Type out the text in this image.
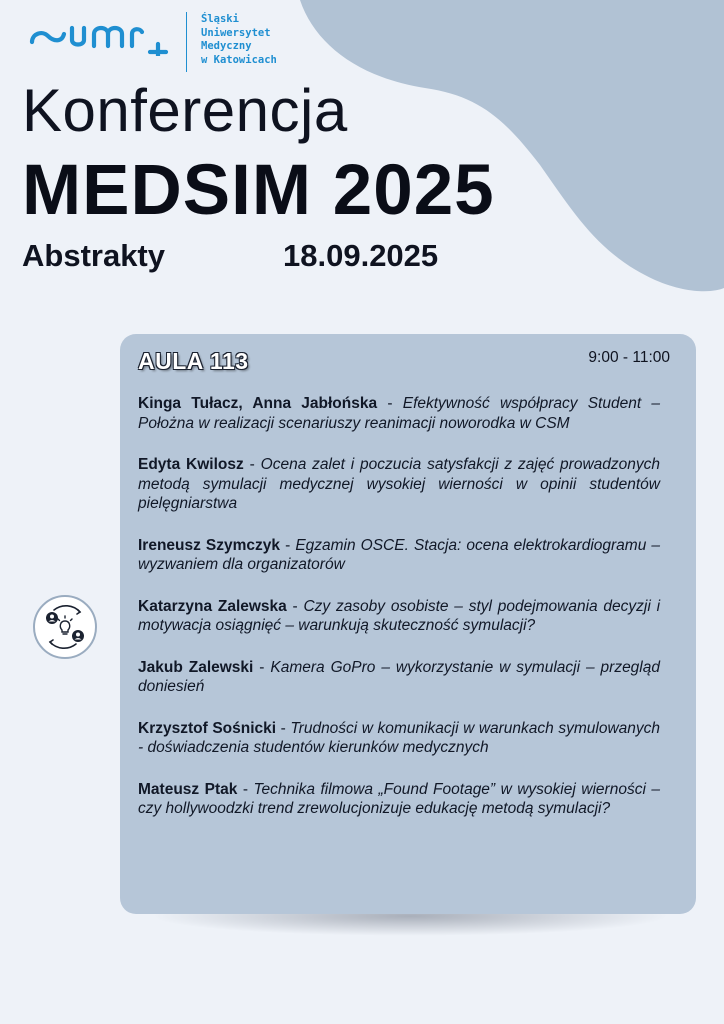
Śląski
Uniwersytet
Medyczny
w Katowicach
Konferencja
MEDSIM 2025
Abstrakty	18.09.2025
AULA 113	9:00 - 11:00

Kinga Tułacz, Anna Jabłońska - Efektywność współpracy Student – Położna w realizacji scenariuszy reanimacji noworodka w CSM

Edyta Kwilosz - Ocena zalet i poczucia satysfakcji z zajęć prowadzonych metodą symulacji medycznej wysokiej wierności w opinii studentów pielęgniarstwa

Ireneusz Szymczyk - Egzamin OSCE. Stacja: ocena elektrokardiogramu – wyzwaniem dla organizatorów

Katarzyna Zalewska - Czy zasoby osobiste – styl podejmowania decyzji i motywacja osiągnięć – warunkują skuteczność symulacji?

Jakub Zalewski - Kamera GoPro – wykorzystanie w symulacji – przegląd doniesień

Krzysztof Sośnicki - Trudności w komunikacji w warunkach symulowanych - doświadczenia studentów kierunków medycznych

Mateusz Ptak - Technika filmowa „Found Footage” w wysokiej wierności – czy hollywoodzki trend zrewolucjonizuje edukację metodą symulacji?
